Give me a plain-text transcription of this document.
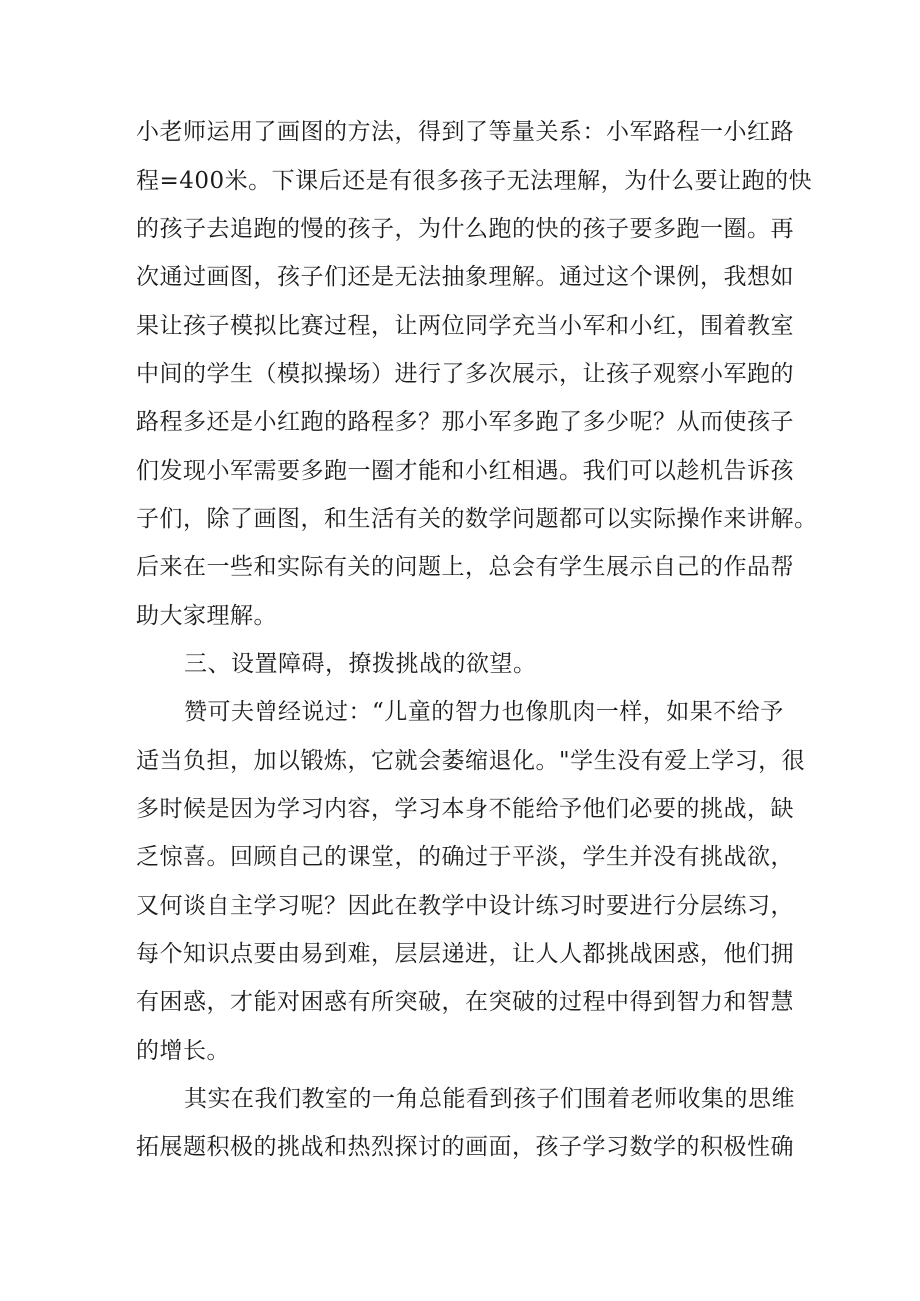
小老师运用了画图的方法，得到了等量关系：小军路程一小红路
程=400米。下课后还是有很多孩子无法理解，为什么要让跑的快
的孩子去追跑的慢的孩子，为什么跑的快的孩子要多跑一圈。再
次通过画图，孩子们还是无法抽象理解。通过这个课例，我想如
果让孩子模拟比赛过程，让两位同学充当小军和小红，围着教室
中间的学生（模拟操场）进行了多次展示，让孩子观察小军跑的
路程多还是小红跑的路程多？那小军多跑了多少呢？从而使孩子
们发现小军需要多跑一圈才能和小红相遇。我们可以趁机告诉孩
子们，除了画图，和生活有关的数学问题都可以实际操作来讲解。
后来在一些和实际有关的问题上，总会有学生展示自己的作品帮
助大家理解。
三、设置障碍，撩拨挑战的欲望。
赞可夫曾经说过：“儿童的智力也像肌肉一样，如果不给予
适当负担，加以锻炼，它就会萎缩退化。"学生没有爱上学习，很
多时候是因为学习内容，学习本身不能给予他们必要的挑战，缺
乏惊喜。回顾自己的课堂，的确过于平淡，学生并没有挑战欲，
又何谈自主学习呢？因此在教学中设计练习时要进行分层练习，
每个知识点要由易到难，层层递进，让人人都挑战困惑，他们拥
有困惑，才能对困惑有所突破，在突破的过程中得到智力和智慧
的增长。
其实在我们教室的一角总能看到孩子们围着老师收集的思维
拓展题积极的挑战和热烈探讨的画面，孩子学习数学的积极性确
